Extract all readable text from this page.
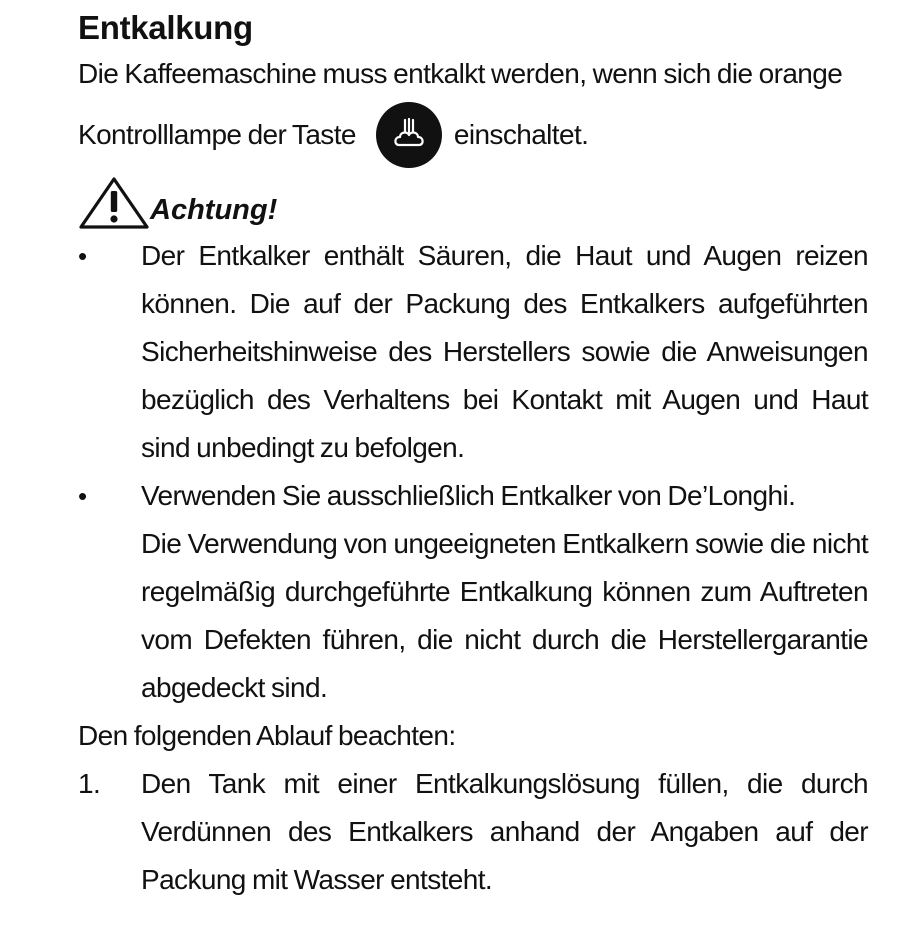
Entkalkung
Die Kaffeemaschine muss entkalkt werden, wenn sich die orange
Kontrolllampe der Taste	einschaltet.
Achtung!
•	Der Entkalker enthält Säuren, die Haut und Augen reizen können. Die auf der Packung des Entkalkers aufgeführten Sicherheitshinweise des Herstellers sowie die Anweisungen bezüglich des Verhaltens bei Kontakt mit Augen und Haut sind unbedingt zu befolgen.
•	Verwenden Sie ausschließlich Entkalker von De’Longhi.
Die Verwendung von ungeeigneten Entkalkern sowie die nicht regelmäßig durchgeführte Entkalkung können zum Auftreten vom Defekten führen, die nicht durch die Herstellergarantie abgedeckt sind.
Den folgenden Ablauf beachten:
1. Den Tank mit einer Entkalkungslösung füllen, die durch Verdünnen des Entkalkers anhand der Angaben auf der Packung mit Wasser entsteht.
